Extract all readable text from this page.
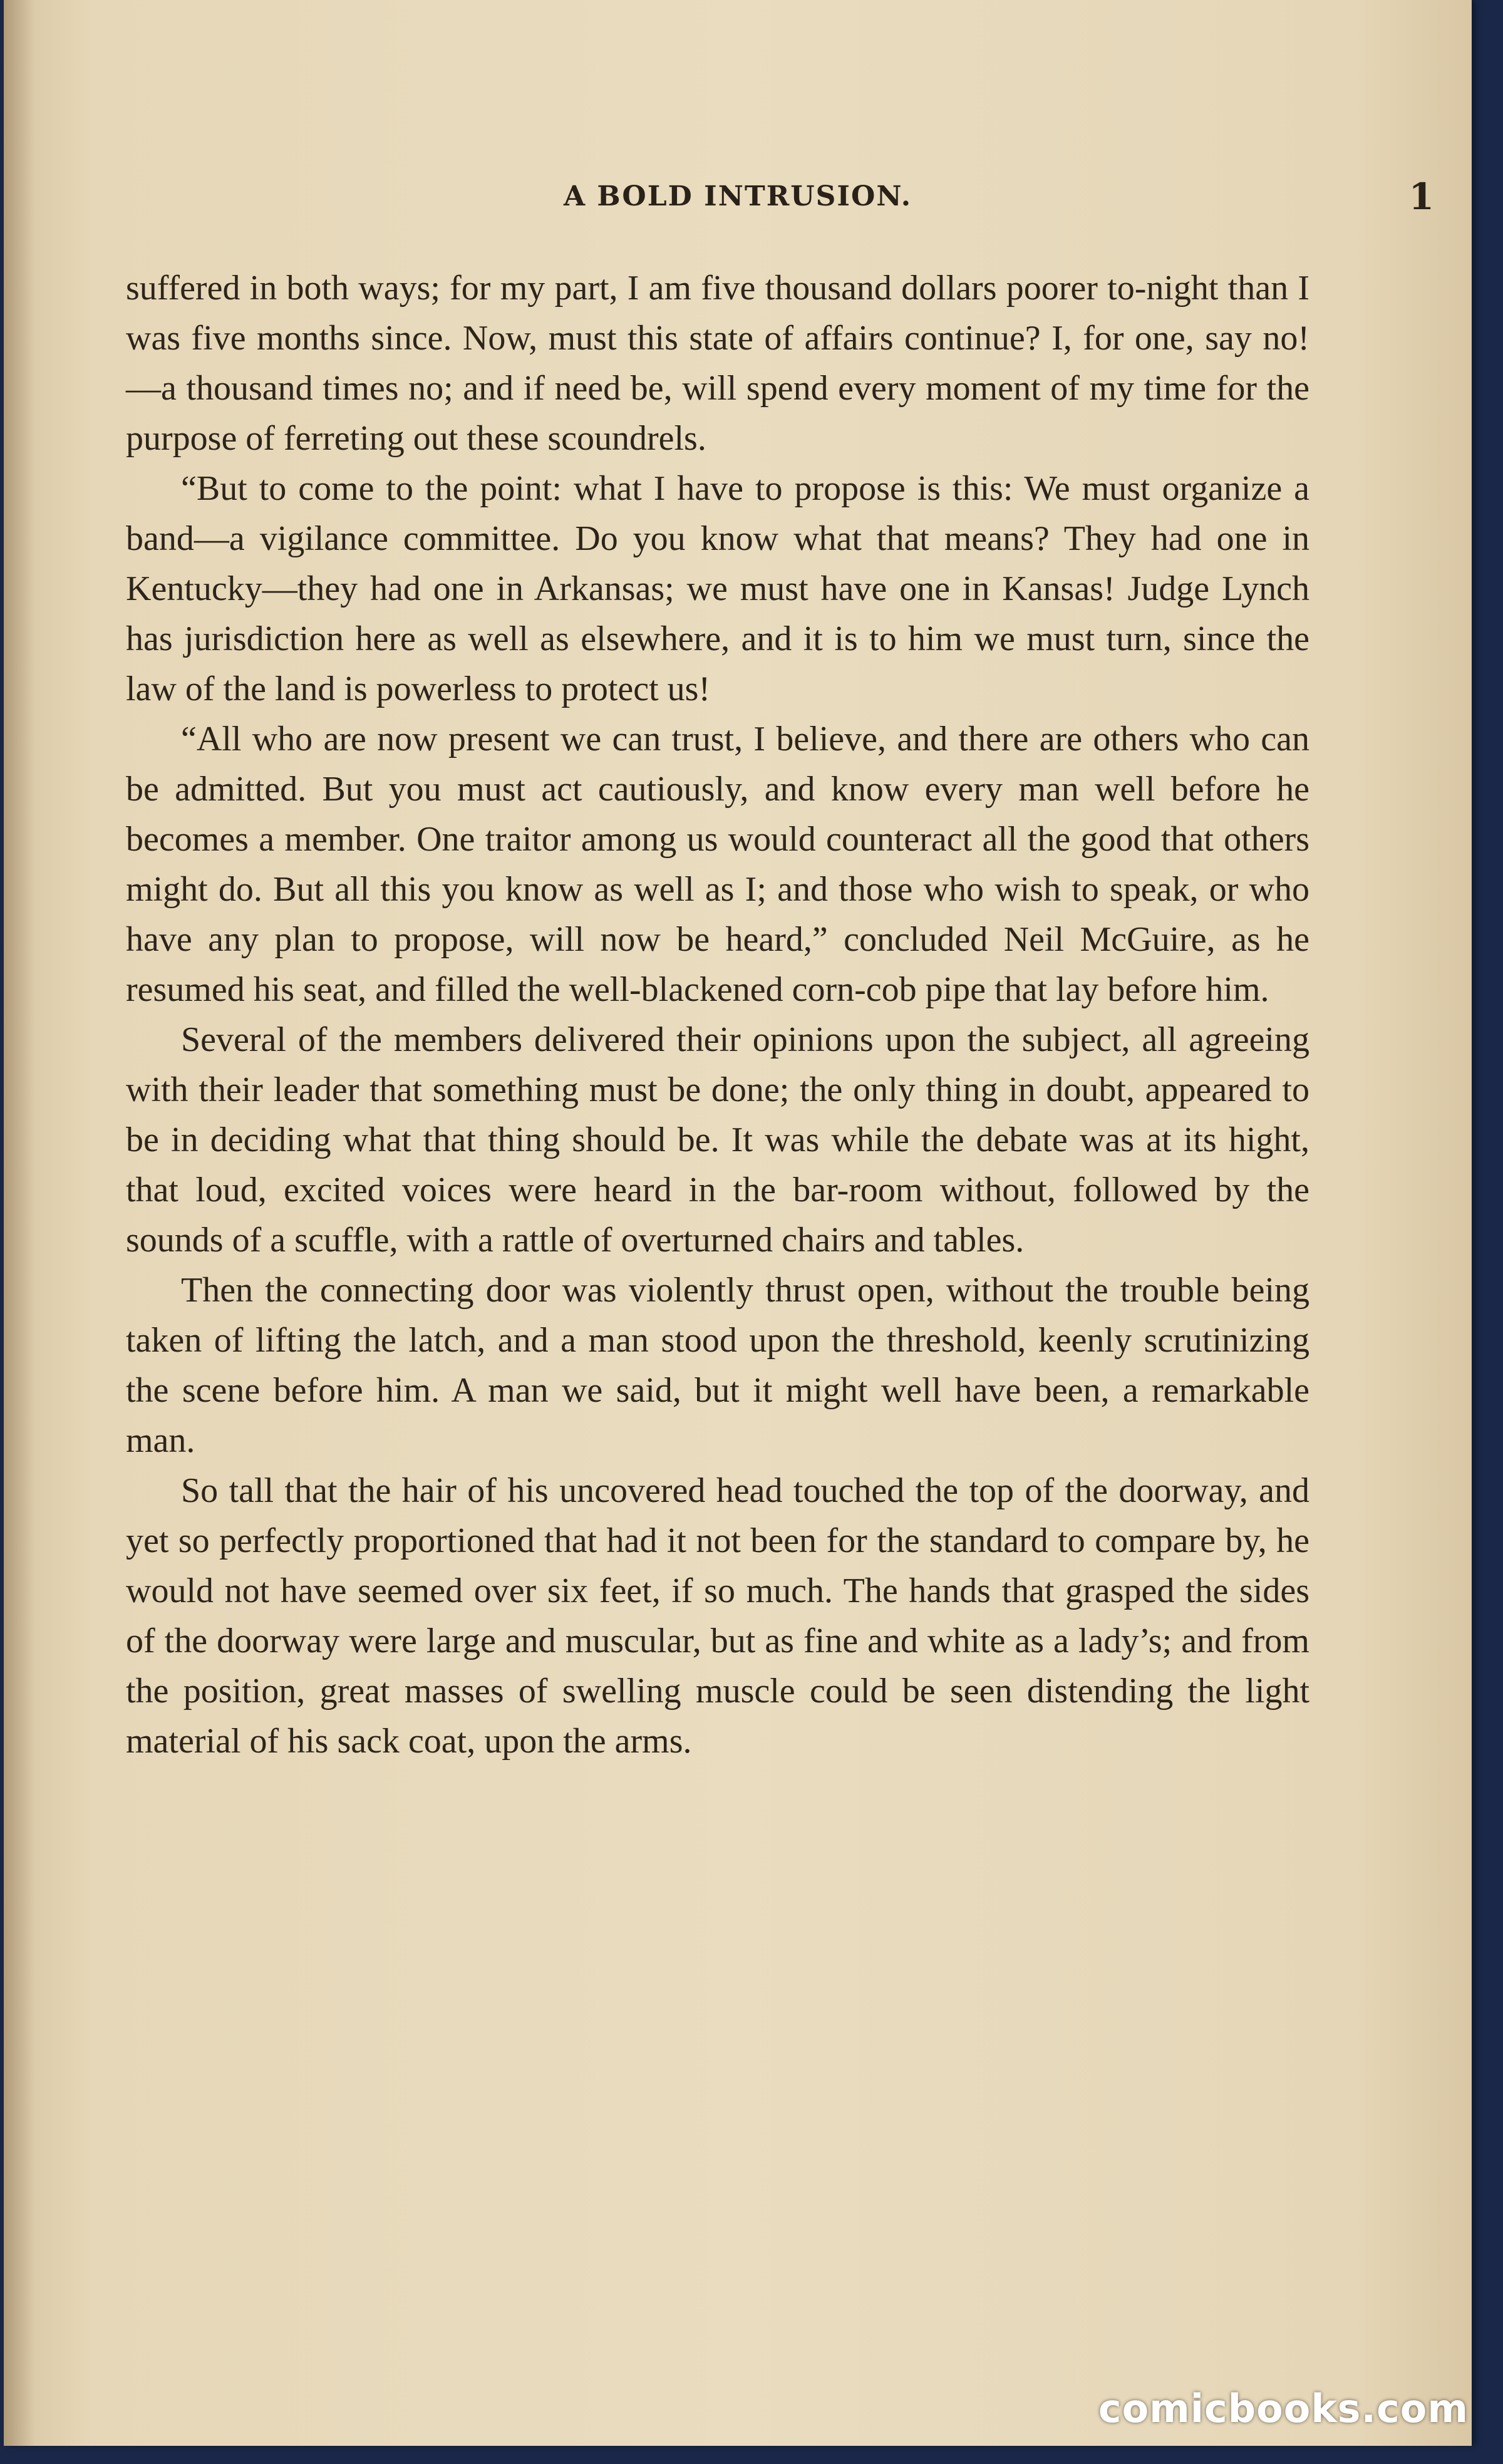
A BOLD INTRUSION.	1

suffered in both ways; for my part, I am five thousand dollars poorer to-night than I was five months since. Now, must this state of affairs continue? I, for one, say no!—a thousand times no; and if need be, will spend every moment of my time for the purpose of ferreting out these scoundrels.

“But to come to the point: what I have to propose is this: We must organize a band—a vigilance committee. Do you know what that means? They had one in Kentucky—they had one in Arkansas; we must have one in Kansas! Judge Lynch has jurisdiction here as well as elsewhere, and it is to him we must turn, since the law of the land is powerless to protect us!

“All who are now present we can trust, I believe, and there are others who can be admitted. But you must act cautiously, and know every man well before he becomes a member. One traitor among us would counteract all the good that others might do. But all this you know as well as I; and those who wish to speak, or who have any plan to propose, will now be heard,” concluded Neil McGuire, as he resumed his seat, and filled the well-blackened corn-cob pipe that lay before him.

Several of the members delivered their opinions upon the subject, all agreeing with their leader that something must be done; the only thing in doubt, appeared to be in deciding what that thing should be. It was while the debate was at its hight, that loud, excited voices were heard in the bar-room without, followed by the sounds of a scuffle, with a rattle of overturned chairs and tables.

Then the connecting door was violently thrust open, without the trouble being taken of lifting the latch, and a man stood upon the threshold, keenly scrutinizing the scene before him. A man we said, but it might well have been, a remarkable man.

So tall that the hair of his uncovered head touched the top of the doorway, and yet so perfectly proportioned that had it not been for the standard to compare by, he would not have seemed over six feet, if so much. The hands that grasped the sides of the doorway were large and muscular, but as fine and white as a lady’s; and from the position, great masses of swelling muscle could be seen distending the light material of his sack coat, upon the arms.

comicbooks.com
